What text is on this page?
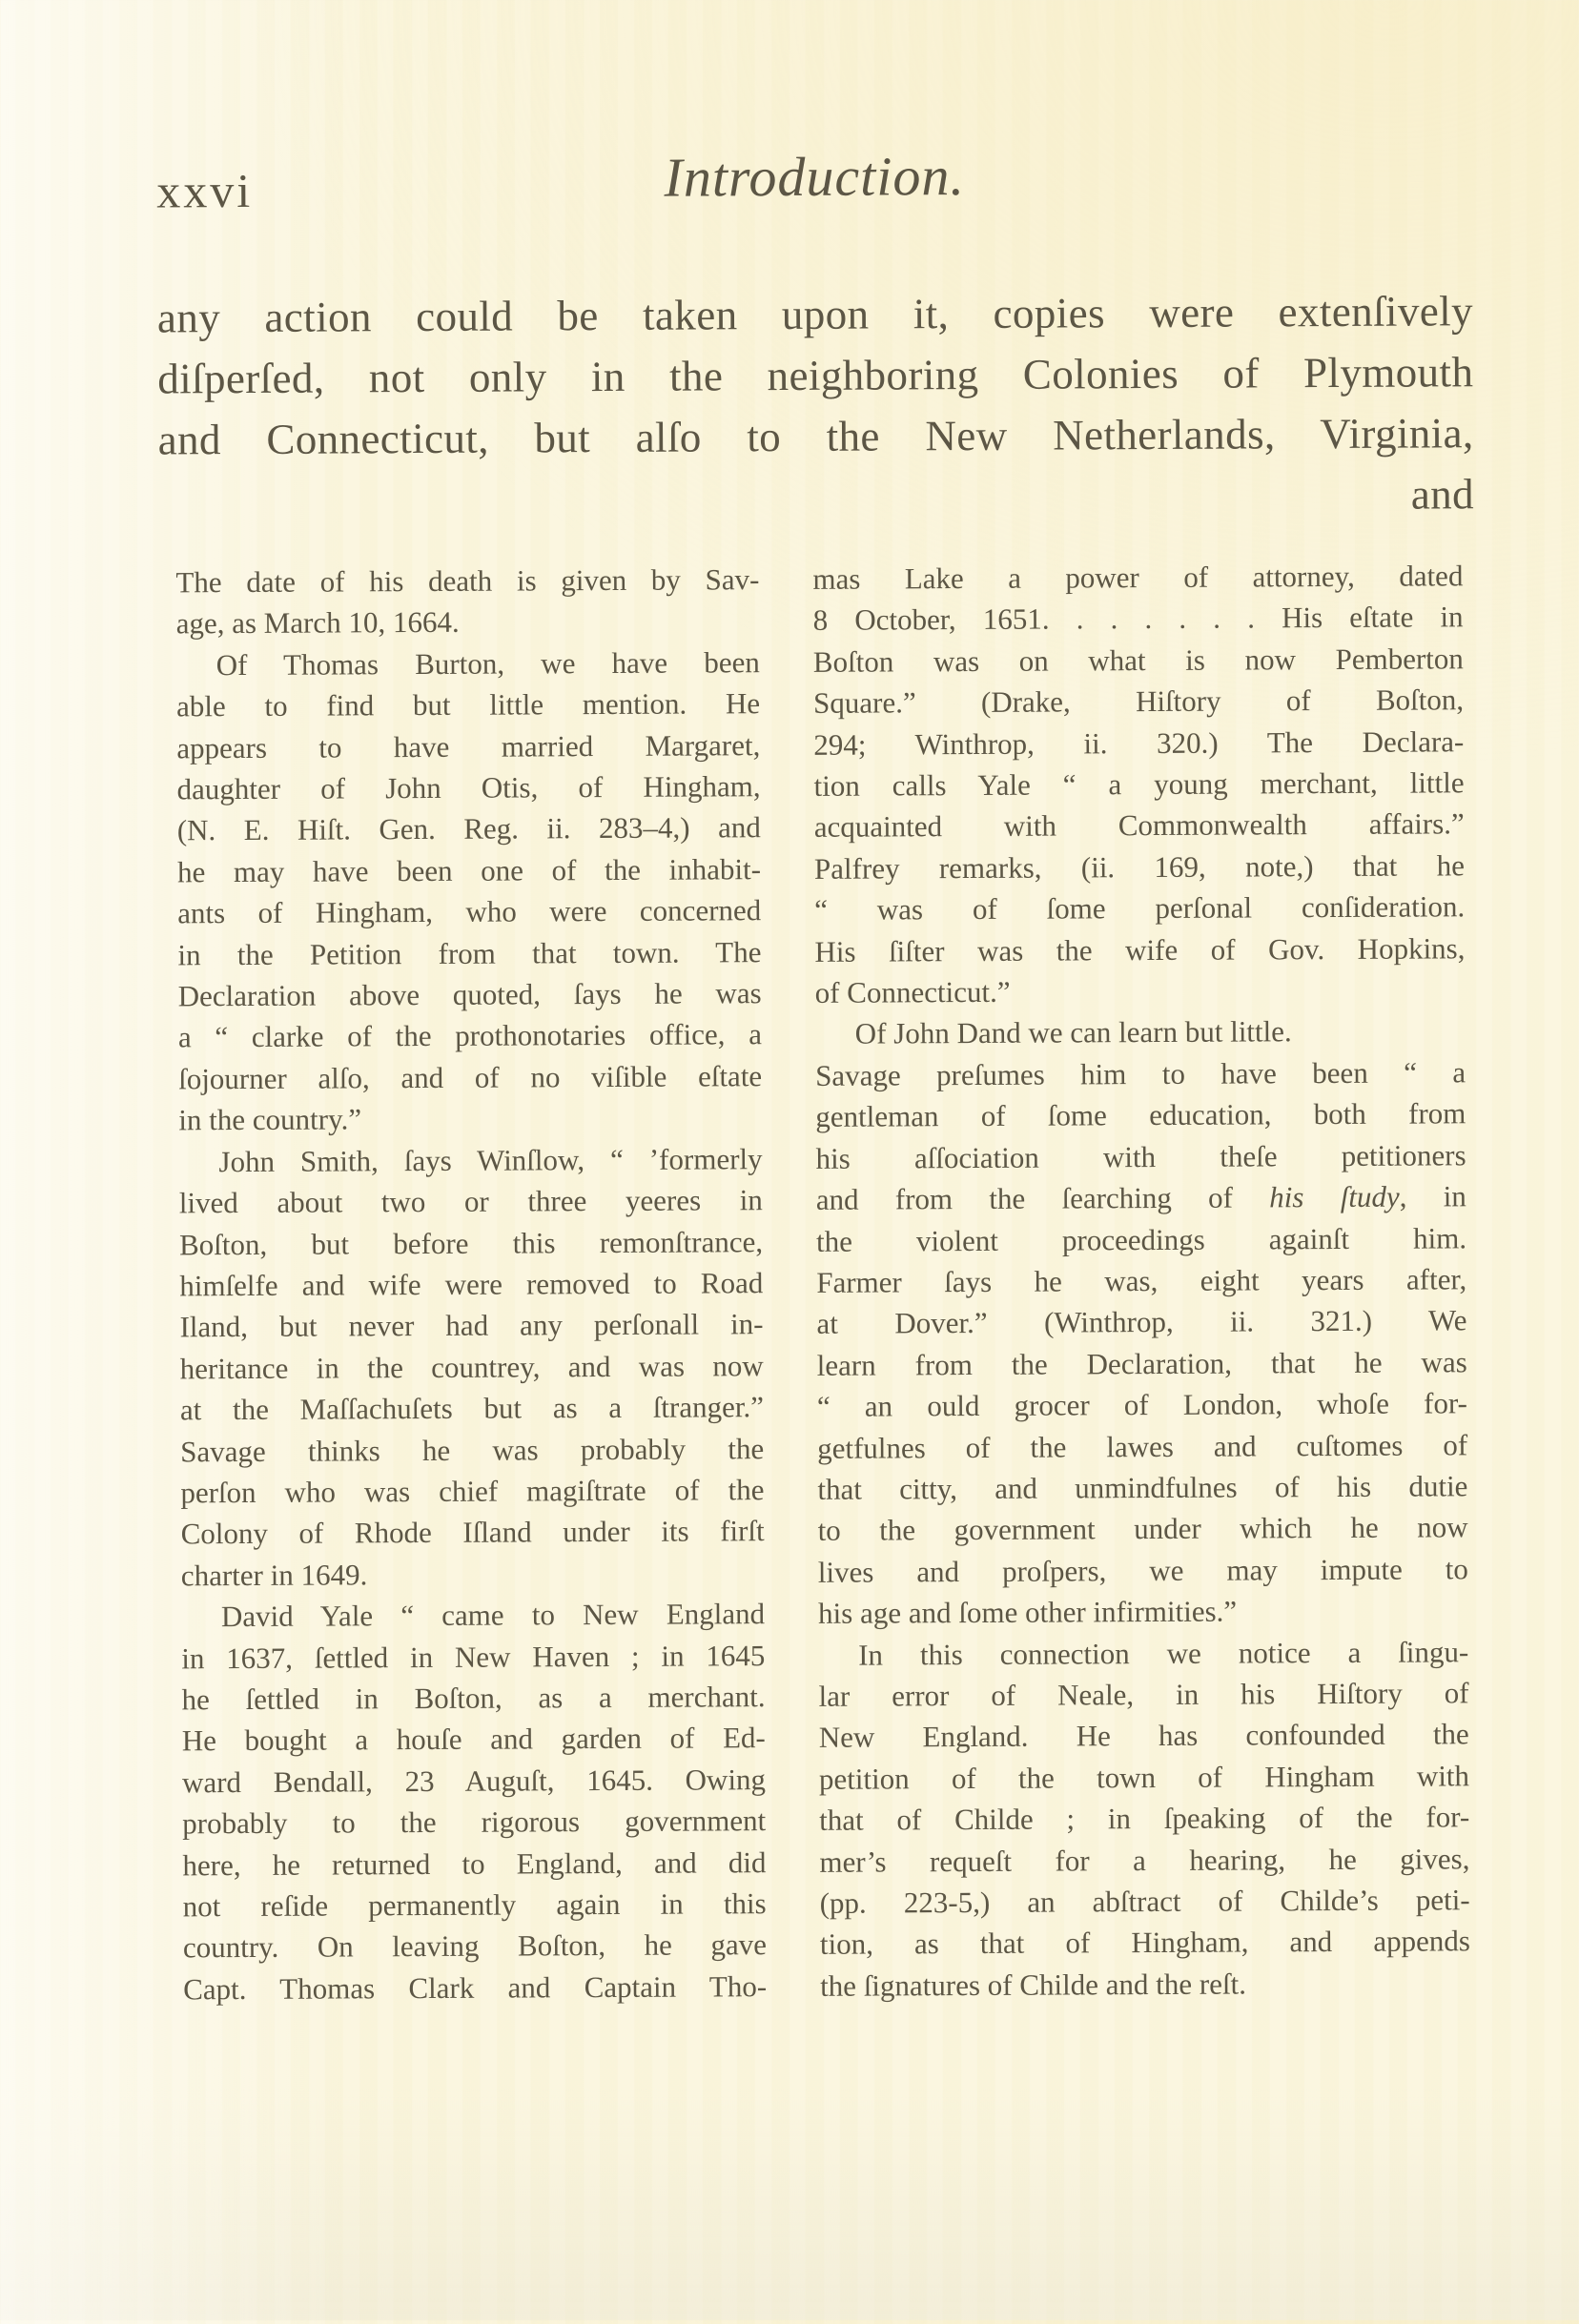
xxvi	Introduction.
any action could be taken upon it, copies were extenſively
diſperſed, not only in the neighboring Colonies of Plymouth
and Connecticut, but alſo to the New Netherlands, Virginia,
and
The date of his death is given by Sav-
age, as March 10, 1664.
Of Thomas Burton, we have been
able to find but little mention. He
appears to have married Margaret,
daughter of John Otis, of Hingham,
(N. E. Hiſt. Gen. Reg. ii. 283–4,) and
he may have been one of the inhabit-
ants of Hingham, who were concerned
in the Petition from that town. The
Declaration above quoted, ſays he was
a “ clarke of the prothonotaries office, a
ſojourner alſo, and of no viſible eſtate
in the country.”
John Smith, ſays Winſlow, “ ’formerly
lived about two or three yeeres in
Boſton, but before this remonſtrance,
himſelfe and wife were removed to Road
Iland, but never had any perſonall in-
heritance in the countrey, and was now
at the Maſſachuſets but as a ſtranger.”
Savage thinks he was probably the
perſon who was chief magiſtrate of the
Colony of Rhode Iſland under its firſt
charter in 1649.
David Yale “ came to New England
in 1637, ſettled in New Haven ; in 1645
he ſettled in Boſton, as a merchant.
He bought a houſe and garden of Ed-
ward Bendall, 23 Auguſt, 1645. Owing
probably to the rigorous government
here, he returned to England, and did
not reſide permanently again in this
country. On leaving Boſton, he gave
Capt. Thomas Clark and Captain Tho-
mas Lake a power of attorney, dated
8 October, 1651. . . . . . . His eſtate in
Boſton was on what is now Pemberton
Square.” (Drake, Hiſtory of Boſton,
294; Winthrop, ii. 320.) The Declara-
tion calls Yale “ a young merchant, little
acquainted with Commonwealth affairs.”
Palfrey remarks, (ii. 169, note,) that he
“ was of ſome perſonal conſideration.
His ſiſter was the wife of Gov. Hopkins,
of Connecticut.”
Of John Dand we can learn but little.
Savage preſumes him to have been “ a
gentleman of ſome education, both from
his aſſociation with theſe petitioners
and from the ſearching of his ſtudy, in
the violent proceedings againſt him.
Farmer ſays he was, eight years after,
at Dover.” (Winthrop, ii. 321.) We
learn from the Declaration, that he was
“ an ould grocer of London, whoſe for-
getfulnes of the lawes and cuſtomes of
that citty, and unmindfulnes of his dutie
to the government under which he now
lives and proſpers, we may impute to
his age and ſome other infirmities.”
In this connection we notice a ſingu-
lar error of Neale, in his Hiſtory of
New England. He has confounded the
petition of the town of Hingham with
that of Childe ; in ſpeaking of the for-
mer’s requeſt for a hearing, he gives,
(pp. 223-5,) an abſtract of Childe’s peti-
tion, as that of Hingham, and appends
the ſignatures of Childe and the reſt.
